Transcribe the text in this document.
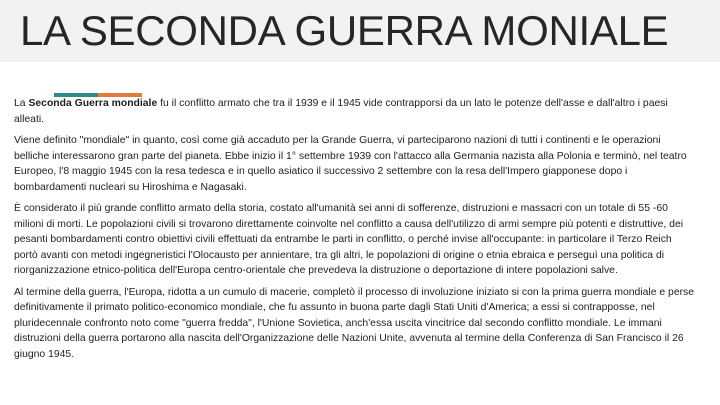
LA SECONDA GUERRA MONIALE

La Seconda Guerra mondiale fu il conflitto armato che tra il 1939 e il 1945 vide contrapporsi da un lato le potenze dell'asse e dall'altro i paesi alleati.

Viene definito "mondiale" in quanto, così come già accaduto per la Grande Guerra, vi parteciparono nazioni di tutti i continenti e le operazioni belliche interessarono gran parte del pianeta. Ebbe inizio il 1° settembre 1939 con l'attacco alla Germania nazista alla Polonia e terminò, nel teatro Europeo, l'8 maggio 1945 con la resa tedesca e in quello asiatico il successivo 2 settembre con la resa dell'Impero giapponese dopo i bombardamenti nucleari su Hiroshima e Nagasaki.

È considerato il più grande conflitto armato della storia, costato all'umanità sei anni di sofferenze, distruzioni e massacri con un totale di 55 -60 milioni di morti. Le popolazioni civili si trovarono direttamente coinvolte nel conflitto a causa dell'utilizzo di armi sempre più potenti e distruttive, dei pesanti bombardamenti contro obiettivi civili effettuati da entrambe le parti in conflitto, o perché invise all'occupante: in particolare il Terzo Reich portò avanti con metodi ingegneristici l'Olocausto per annientare, tra gli altri, le popolazioni di origine o etnia ebraica e perseguì una politica di riorganizzazione etnico-politica dell'Europa centro-orientale che prevedeva la distruzione o deportazione di intere popolazioni salve.

Al termine della guerra, l'Europa, ridotta a un cumulo di macerie, completò il processo di involuzione iniziato si con la prima guerra mondiale e perse definitivamente il primato politico-economico mondiale, che fu assunto in buona parte dagli Stati Uniti d'America; a essi si contrapposse, nel pluridecennale confronto noto come "guerra fredda", l'Unione Sovietica, anch'essa uscita vincitrice dal secondo conflitto mondiale. Le immani distruzioni della guerra portarono alla nascita dell'Organizzazione delle Nazioni Unite, avvenuta al termine della Conferenza di San Francisco il 26 giugno 1945.
